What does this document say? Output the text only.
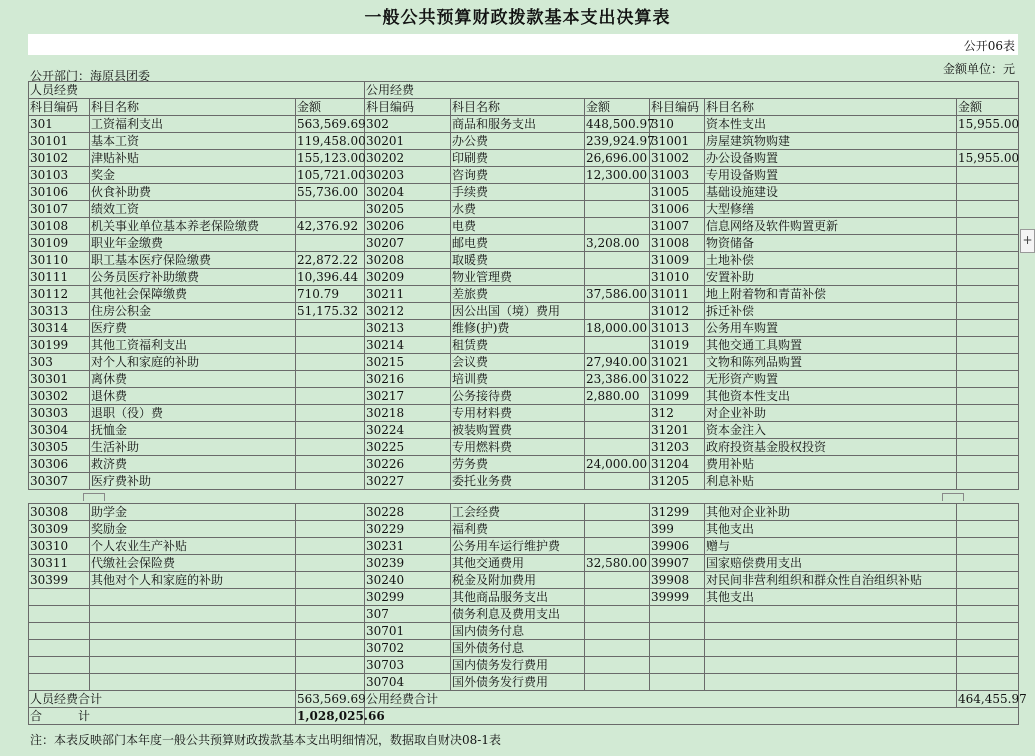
一般公共预算财政拨款基本支出决算表
公开06表
金额单位：元
公开部门：海原县团委
人员经费			公用经费					
科目编码	科目名称	金额	科目编码	科目名称	金额	科目编码	科目名称	金额
301	工资福利支出	563,569.69	302	商品和服务支出	448,500.97	310	资本性支出	15,955.00
30101	基本工资	119,458.00	30201	办公费	239,924.97	31001	房屋建筑物购建	
30102	津贴补贴	155,123.00	30202	印刷费	26,696.00	31002	办公设备购置	15,955.00
30103	奖金	105,721.00	30203	咨询费	12,300.00	31003	专用设备购置	
30106	伙食补助费	55,736.00	30204	手续费		31005	基础设施建设	
30107	绩效工资		30205	水费		31006	大型修缮	
30108	机关事业单位基本养老保险缴费	42,376.92	30206	电费		31007	信息网络及软件购置更新	
30109	职业年金缴费		30207	邮电费	3,208.00	31008	物资储备	
30110	职工基本医疗保险缴费	22,872.22	30208	取暖费		31009	土地补偿	
30111	公务员医疗补助缴费	10,396.44	30209	物业管理费		31010	安置补助	
30112	其他社会保障缴费	710.79	30211	差旅费	37,586.00	31011	地上附着物和青苗补偿	
30313	住房公积金	51,175.32	30212	因公出国（境）费用		31012	拆迁补偿	
30314	医疗费		30213	维修(护)费	18,000.00	31013	公务用车购置	
30199	其他工资福利支出		30214	租赁费		31019	其他交通工具购置	
303	对个人和家庭的补助		30215	会议费	27,940.00	31021	文物和陈列品购置	
30301	离休费		30216	培训费	23,386.00	31022	无形资产购置	
30302	退休费		30217	公务接待费	2,880.00	31099	其他资本性支出	
30303	退职（役）费		30218	专用材料费		312	对企业补助	
30304	抚恤金		30224	被装购置费		31201	资本金注入	
30305	生活补助		30225	专用燃料费		31203	政府投资基金股权投资	
30306	救济费		30226	劳务费	24,000.00	31204	费用补贴	
30307	医疗费补助		30227	委托业务费		31205	利息补贴	
30308	助学金		30228	工会经费		31299	其他对企业补助	
30309	奖励金		30229	福利费		399	其他支出	
30310	个人农业生产补贴		30231	公务用车运行维护费		39906	赠与	
30311	代缴社会保险费		30239	其他交通费用	32,580.00	39907	国家赔偿费用支出	
30399	其他对个人和家庭的补助		30240	税金及附加费用		39908	对民间非营利组织和群众性自治组织补贴	
			30299	其他商品服务支出		39999	其他支出	
			307	债务利息及费用支出				
			30701	国内债务付息				
			30702	国外债务付息				
			30703	国内债务发行费用				
			30704	国外债务发行费用				
人员经费合计		563,569.69	公用经费合计					464,455.97
合　　　计		1,028,025.66						
+
注：本表反映部门本年度一般公共预算财政拨款基本支出明细情况，数据取自财决08-1表
